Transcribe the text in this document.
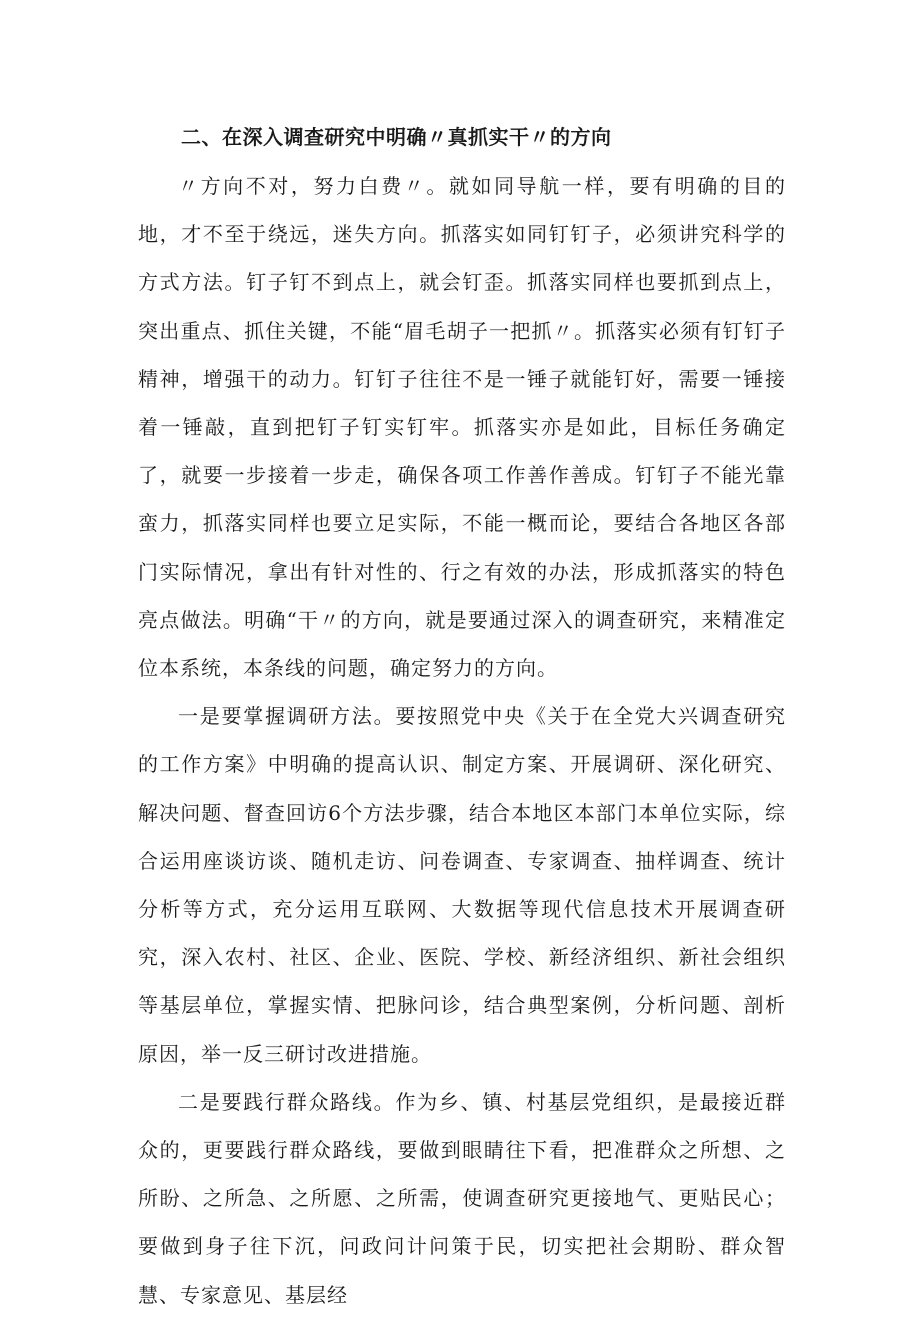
二、在深入调查研究中明确〃真抓实干〃的方向

〃方向不对，努力白费〃。就如同导航一样，要有明确的目的地，才不至于绕远，迷失方向。抓落实如同钉钉子，必须讲究科学的方式方法。钉子钉不到点上，就会钉歪。抓落实同样也要抓到点上，突出重点、抓住关键，不能“眉毛胡子一把抓〃。抓落实必须有钉钉子精神，增强干的动力。钉钉子往往不是一锤子就能钉好，需要一锤接着一锤敲，直到把钉子钉实钉牢。抓落实亦是如此，目标任务确定了，就要一步接着一步走，确保各项工作善作善成。钉钉子不能光靠蛮力，抓落实同样也要立足实际，不能一概而论，要结合各地区各部门实际情况，拿出有针对性的、行之有效的办法，形成抓落实的特色亮点做法。明确“干〃的方向，就是要通过深入的调查研究，来精准定位本系统，本条线的问题，确定努力的方向。

一是要掌握调研方法。要按照党中央《关于在全党大兴调查研究的工作方案》中明确的提高认识、制定方案、开展调研、深化研究、解决问题、督查回访6个方法步骤，结合本地区本部门本单位实际，综合运用座谈访谈、随机走访、问卷调查、专家调查、抽样调查、统计分析等方式，充分运用互联网、大数据等现代信息技术开展调查研究，深入农村、社区、企业、医院、学校、新经济组织、新社会组织等基层单位，掌握实情、把脉问诊，结合典型案例，分析问题、剖析原因，举一反三研讨改进措施。

二是要践行群众路线。作为乡、镇、村基层党组织，是最接近群众的，更要践行群众路线，要做到眼睛往下看，把准群众之所想、之所盼、之所急、之所愿、之所需，使调查研究更接地气、更贴民心；要做到身子往下沉，问政问计问策于民，切实把社会期盼、群众智慧、专家意见、基层经
